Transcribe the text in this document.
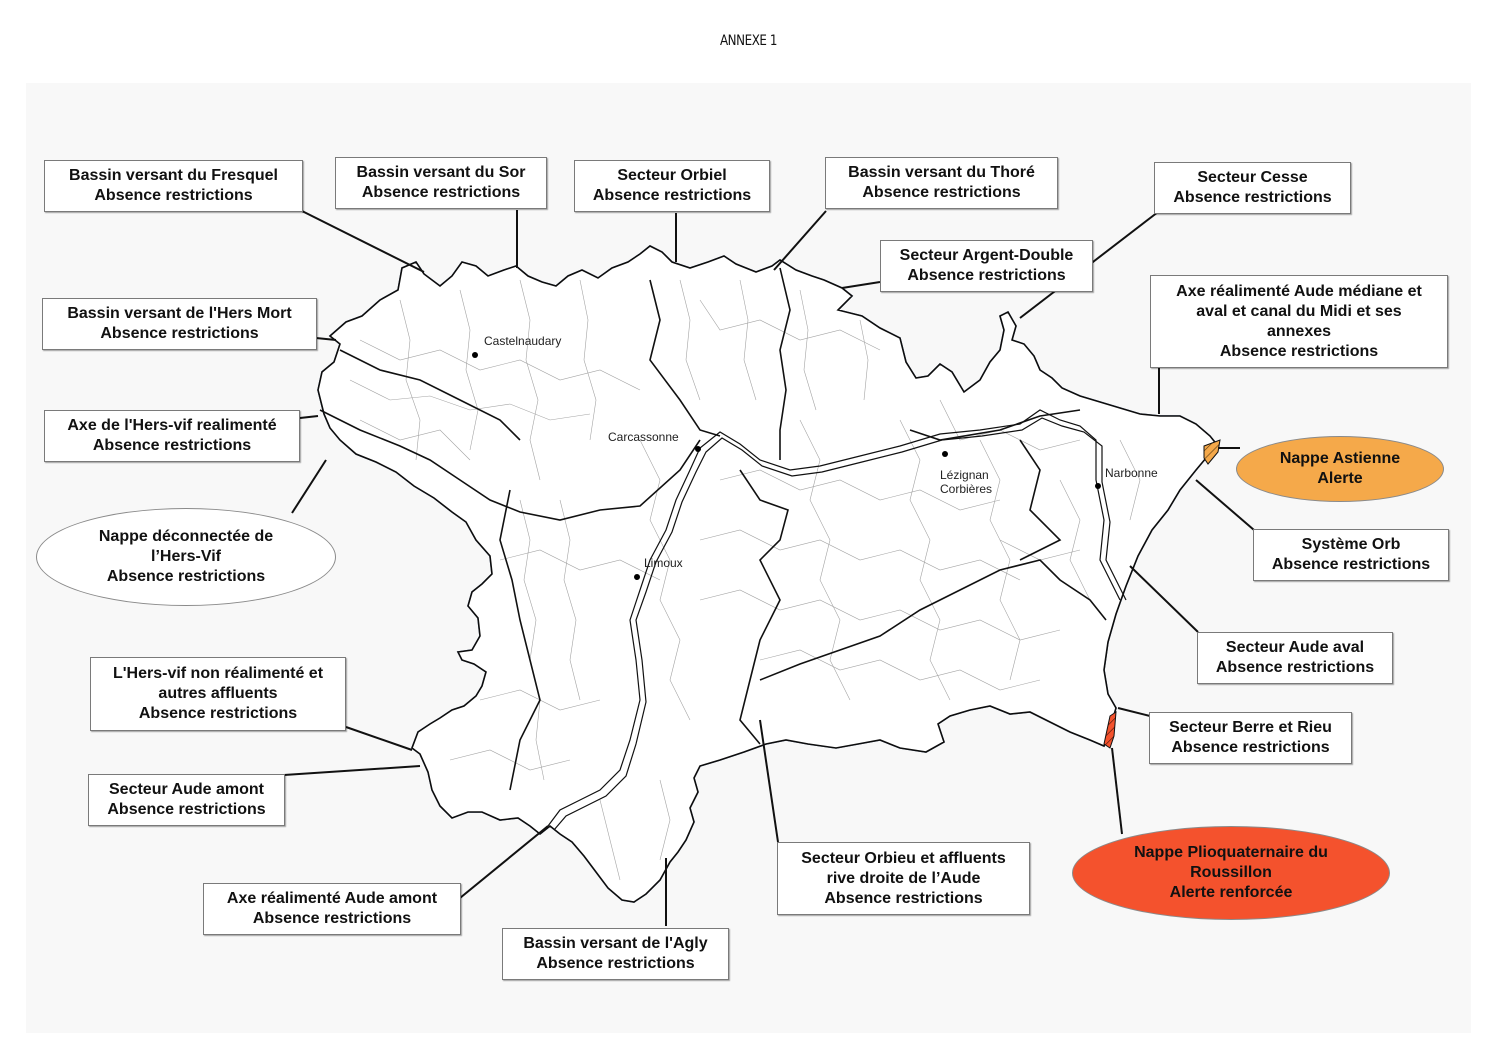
ANNEXE 1
Castelnaudary
Carcassonne
Limoux
Lézignan
Corbières
Narbonne
Bassin versant du Fresquel
Absence restrictions
Bassin versant du Sor
Absence restrictions
Secteur Orbiel
Absence restrictions
Bassin versant du Thoré
Absence restrictions
Secteur Argent-Double
Absence restrictions
Secteur Cesse
Absence restrictions
Axe réalimenté Aude médiane et
aval et canal du Midi et ses
annexes
Absence restrictions
Bassin versant de l'Hers Mort
Absence restrictions
Axe de l'Hers-vif realimenté
Absence restrictions
Nappe déconnectée de
l’Hers-Vif
Absence restrictions
Nappe Astienne
Alerte
Système Orb
Absence restrictions
Secteur Aude aval
Absence restrictions
Secteur Berre et Rieu
Absence restrictions
Nappe Plioquaternaire du
Roussillon
Alerte renforcée
L'Hers-vif non réalimenté et
autres affluents
Absence restrictions
Secteur Aude amont
Absence restrictions
Axe réalimenté Aude amont
Absence restrictions
Bassin versant de l'Agly
Absence restrictions
Secteur Orbieu et affluents
rive droite de l’Aude
Absence restrictions
